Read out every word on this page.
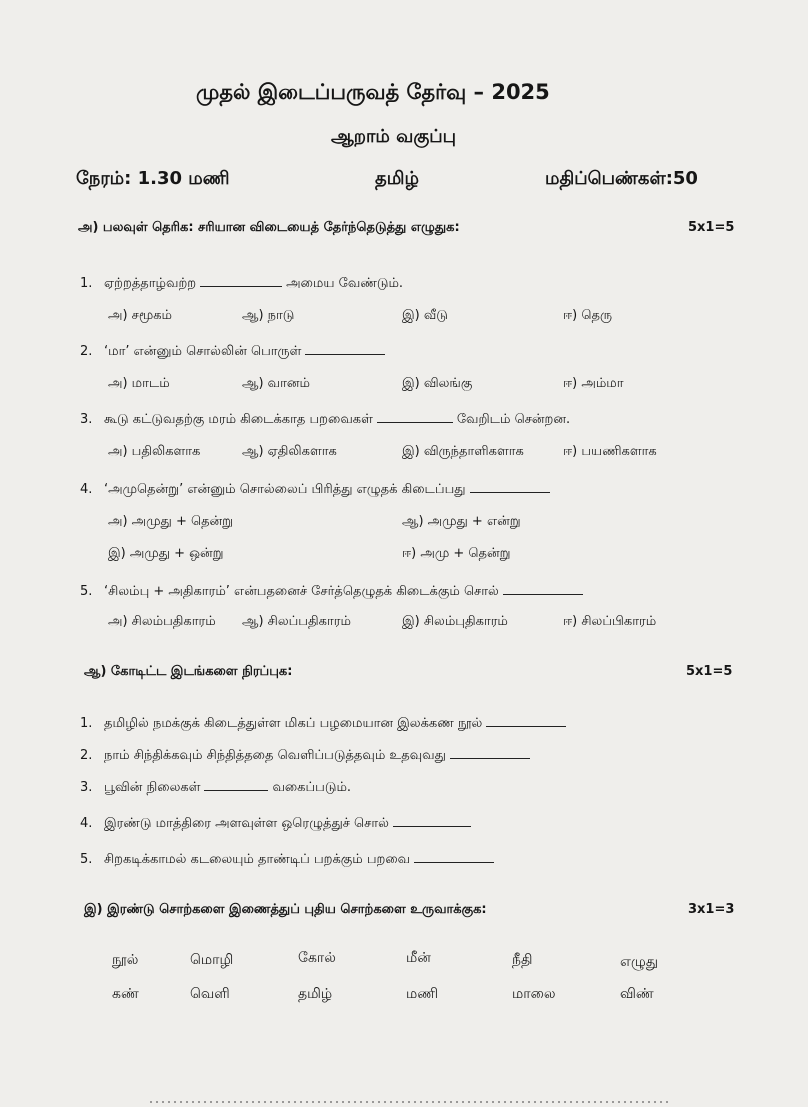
முதல் இடைப்பருவத் தேர்வு – 2025
ஆறாம் வகுப்பு
நேரம்: 1.30 மணி	தமிழ்	மதிப்பெண்கள்:50
அ) பலவுள் தெரிக: சரியான விடையைத் தேர்ந்தெடுத்து எழுதுக:	5x1=5
1. ஏற்றத்தாழ்வற்ற	அமைய வேண்டும்.
அ) சமூகம்	ஆ) நாடு	இ) வீடு	ஈ) தெரு
2. ‘மா’ என்னும் சொல்லின் பொருள்
அ) மாடம்	ஆ) வானம்	இ) விலங்கு	ஈ) அம்மா
3. கூடு கட்டுவதற்கு மரம் கிடைக்காத பறவைகள்	வேறிடம் சென்றன.
அ) பதிலிகளாக	ஆ) ஏதிலிகளாக	இ) விருந்தாளிகளாக	ஈ) பயணிகளாக
4. ‘அமுதென்று’ என்னும் சொல்லைப் பிரித்து எழுதக் கிடைப்பது
அ) அமுது + தென்று	ஆ) அமுது + என்று
இ) அமுது + ஒன்று	ஈ) அமு + தென்று
5. ‘சிலம்பு + அதிகாரம்’ என்பதனைச் சேர்த்தெழுதக் கிடைக்கும் சொல்
அ) சிலம்பதிகாரம் ஆ) சிலப்பதிகாரம்	இ) சிலம்புதிகாரம்	ஈ) சிலப்பிகாரம்
ஆ) கோடிட்ட இடங்களை நிரப்புக:	5x1=5
1. தமிழில் நமக்குக் கிடைத்துள்ள மிகப் பழமையான இலக்கண நூல்
2. நாம் சிந்திக்கவும் சிந்தித்ததை வெளிப்படுத்தவும் உதவுவது
3. பூவின் நிலைகள்	வகைப்படும்.
4. இரண்டு மாத்திரை அளவுள்ள ஒரெழுத்துச் சொல்
5. சிறகடிக்காமல் கடலையும் தாண்டிப் பறக்கும் பறவை
இ) இரண்டு சொற்களை இணைத்துப் புதிய சொற்களை உருவாக்குக:	3x1=3
நூல்	மொழி	கோல்	மீன்	நீதி	எழுது
கண்	வெளி	தமிழ்	மணி	மாலை	விண்
